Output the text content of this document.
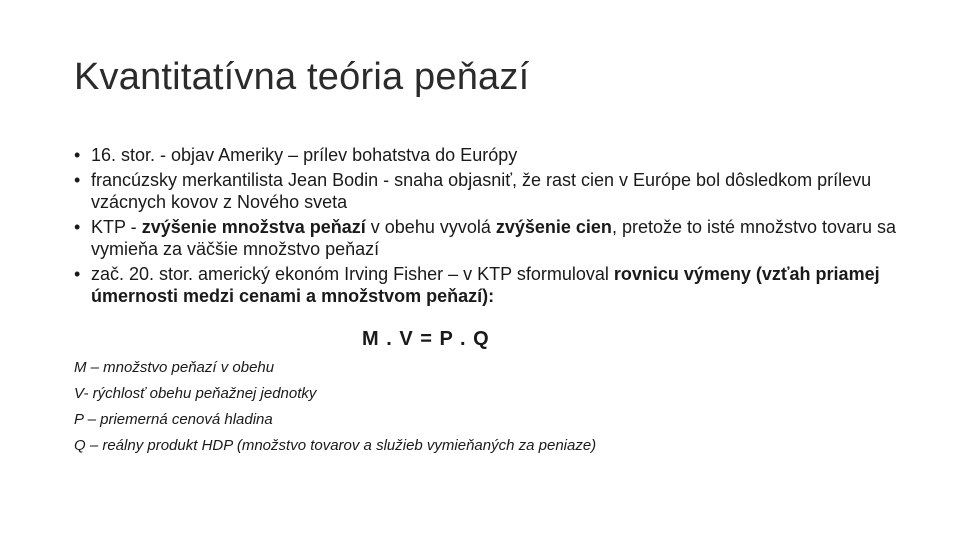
Kvantitatívna teória peňazí
• 16. stor. - objav Ameriky – prílev bohatstva do Európy
• francúzsky merkantilista Jean Bodin - snaha objasniť, že rast cien v Európe bol dôsledkom prílevu vzácnych kovov z Nového sveta
• KTP - zvýšenie množstva peňazí v obehu vyvolá zvýšenie cien, pretože to isté množstvo tovaru sa vymieňa za väčšie množstvo peňazí
• zač. 20. stor. americký ekonóm Irving Fisher – v KTP sformuloval rovnicu výmeny (vzťah priamej úmernosti medzi cenami a množstvom peňazí):
M . V = P . Q
M – množstvo peňazí v obehu
V- rýchlosť obehu peňažnej jednotky
P – priemerná cenová hladina
Q – reálny produkt HDP (množstvo tovarov a služieb vymieňaných za peniaze)
